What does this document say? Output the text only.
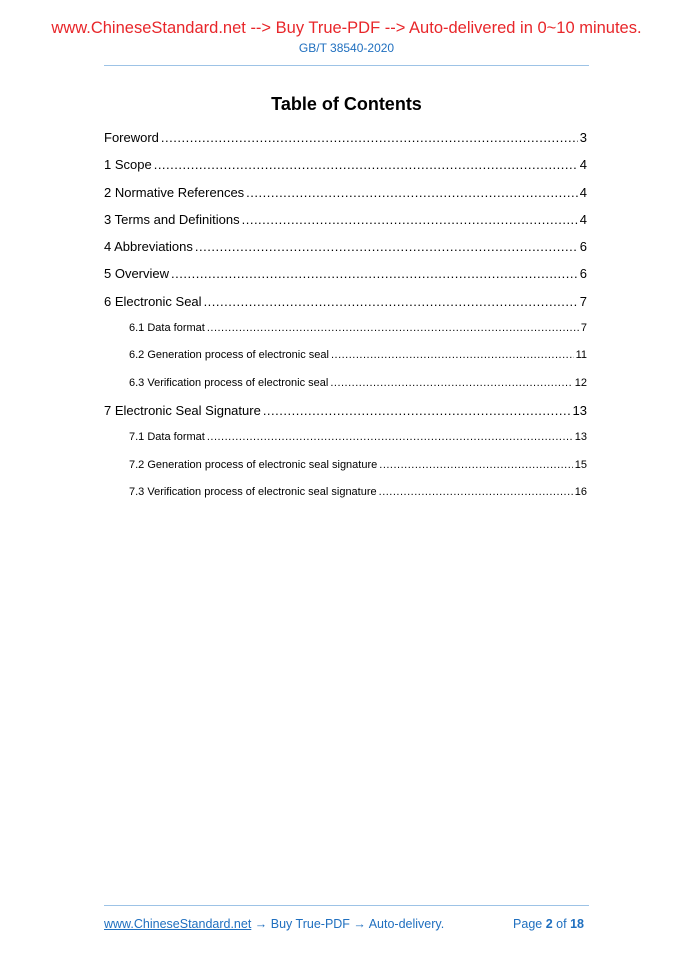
www.ChineseStandard.net --> Buy True-PDF --> Auto-delivered in 0~10 minutes.
GB/T 38540-2020
Table of Contents
Foreword .....	3
1 Scope .....	4
2 Normative References .....	4
3 Terms and Definitions .....	4
4 Abbreviations .....	6
5 Overview .....	6
6 Electronic Seal .....	7
6.1 Data format .....	7
6.2 Generation process of electronic seal .....	11
6.3 Verification process of electronic seal .....	12
7 Electronic Seal Signature .....	13
7.1 Data format .....	13
7.2 Generation process of electronic seal signature .....	15
7.3 Verification process of electronic seal signature .....	16
www.ChineseStandard.net → Buy True-PDF → Auto-delivery.	Page 2 of 18
